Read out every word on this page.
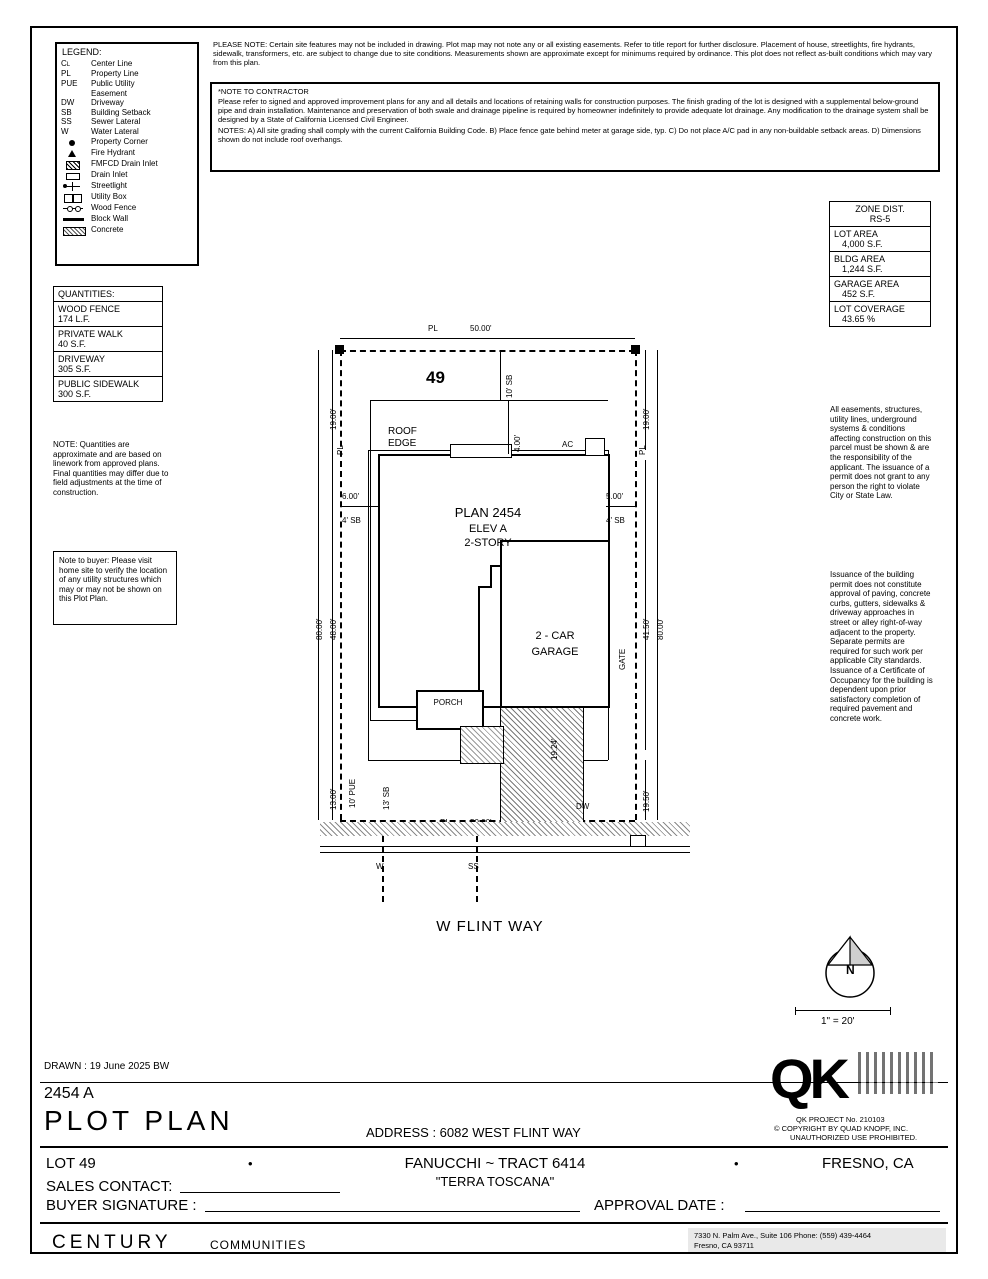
LEGEND:
CL	Center Line
PL	Property Line
PUE	Public Utility
Easement
DW	Driveway
SB	Building Setback
SS	Sewer Lateral
W	Water Lateral
Property Corner
Fire Hydrant
FMFCD Drain Inlet
Drain Inlet
Streetlight
Utility Box
Wood Fence
Block Wall
Concrete
PLEASE NOTE: Certain site features may not be included in drawing. Plot map may not note any or all existing easements. Refer to title report for further disclosure. Placement of house, streetlights, fire hydrants, sidewalk, transformers, etc. are subject to change due to site conditions. Measurements shown are approximate except for minimums required by ordinance. This plot does not reflect as-built conditions which may vary from this plan.
*NOTE TO CONTRACTOR
Please refer to signed and approved improvement plans for any and all details and locations of retaining walls for construction purposes. The finish grading of the lot is designed with a supplemental below-ground pipe and drain installation. Maintenance and preservation of both swale and drainage pipeline is required by homeowner indefinitely to provide adequate lot drainage. Any modification to the drainage system shall be designed by a State of California Licensed Civil Engineer.
NOTES: A) All site grading shall comply with the current California Building Code. B) Place fence gate behind meter at garage side, typ. C) Do not place A/C pad in any non-buildable setback areas. D) Dimensions shown do not include roof overhangs.
QUANTITIES:

WOOD FENCE
174 L.F.

PRIVATE WALK
40 S.F.

DRIVEWAY
305 S.F.

PUBLIC SIDEWALK
300 S.F.
NOTE: Quantities are approximate and are based on linework from approved plans. Final quantities may differ due to field adjustments at the time of construction.
Note to buyer: Please visit home site to verify the location of any utility structures which may or may not be shown on this Plot Plan.
ZONE DIST.
RS-5

LOT AREA
4,000 S.F.

BLDG AREA
1,244 S.F.

GARAGE AREA
452 S.F.

LOT COVERAGE
43.65 %
All easements, structures, utility lines, underground systems & conditions affecting construction on this parcel must be shown & are the responsibility of the applicant. The issuance of a permit does not grant to any person the right to violate City or State Law.
Issuance of the building permit does not constitute approval of paving, concrete curbs, gutters, sidewalks & driveway approaches in street or alley right-of-way adjacent to the property. Separate permits are required for such work per applicable City standards. Issuance of a Certificate of Occupancy for the building is dependent upon prior satisfactory completion of required pavement and concrete work.
PORCH
AC
49
ROOF
EDGE
PLAN 2454
ELEV A
2-STORY
2 - CAR
GARAGE	GATE
DW
50.00'
PL
19.00'
48.00'
80.00'
13.00' 10' PUE	13' SB
PL
19.00'
41.50' 80.00'
19.50'
PL
10' SB
4.00'
6.00'
4' SB
5.00'
4' SB
19.24'
W	SS
W FLINT WAY
N
1" = 20'
DRAWN : 19 June 2025 BW
2454 A
PLOT PLAN	ADDRESS : 6082 WEST FLINT WAY
QK
QK PROJECT No. 210103
© COPYRIGHT BY QUAD KNOPF, INC.
UNAUTHORIZED USE PROHIBITED.
LOT 49	•	FANUCCHI ~ TRACT 6414
"TERRA TOSCANA"
•	FRESNO, CA
SALES CONTACT:
BUYER SIGNATURE :	APPROVAL DATE :
CENTURY	COMMUNITIES
7330 N. Palm Ave., Suite 106 Phone: (559) 439-4464
Fresno, CA 93711
